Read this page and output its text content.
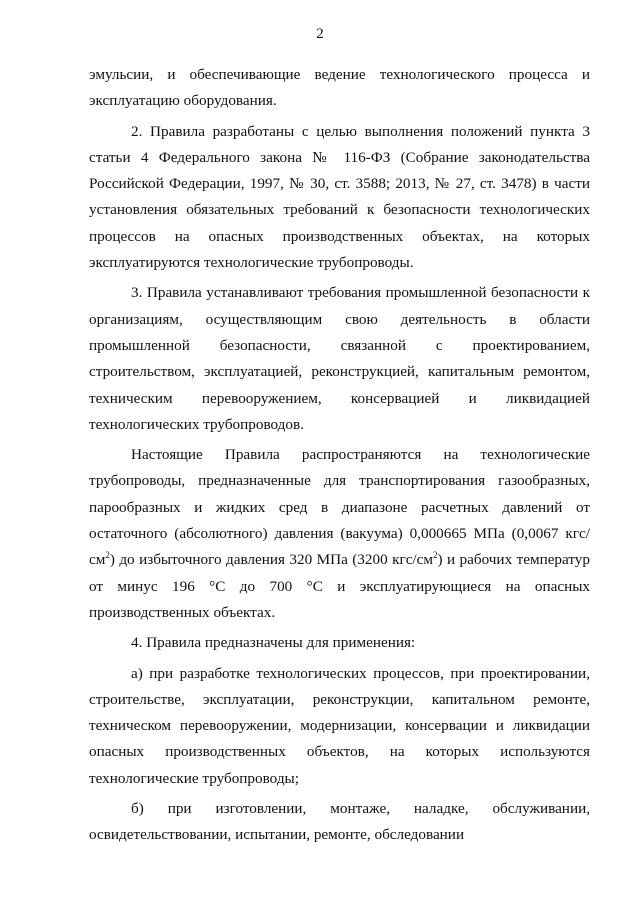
2

эмульсии, и обеспечивающие ведение технологического процесса и эксплуатацию оборудования.

2. Правила разработаны с целью выполнения положений пункта 3 статьи 4 Федерального закона № 116-ФЗ (Собрание законодательства Российской Федерации, 1997, № 30, ст. 3588; 2013, № 27, ст. 3478) в части установления обязательных требований к безопасности технологических процессов на опасных производственных объектах, на которых эксплуатируются технологические трубопроводы.

3. Правила устанавливают требования промышленной безопасности к организациям, осуществляющим свою деятельность в области промышленной безопасности, связанной с проектированием, строительством, эксплуатацией, реконструкцией, капитальным ремонтом, техническим перевооружением, консервацией и ликвидацией технологических трубопроводов.

Настоящие Правила распространяются на технологические трубопроводы, предназначенные для транспортирования газообразных, парообразных и жидких сред в диапазоне расчетных давлений от остаточного (абсолютного) давления (вакуума) 0,000665 МПа (0,0067 кгс/$см^2$) до избыточного давления 320 МПа (3200 кгс/$см^2$) и рабочих температур от минус 196 °С до 700 °С и эксплуатирующиеся на опасных производственных объектах.

4. Правила предназначены для применения:

а) при разработке технологических процессов, при проектировании, строительстве, эксплуатации, реконструкции, капитальном ремонте, техническом перевооружении, модернизации, консервации и ликвидации опасных производственных объектов, на которых используются технологические трубопроводы;

б) при изготовлении, монтаже, наладке, обслуживании, освидетельствовании, испытании, ремонте, обследовании
